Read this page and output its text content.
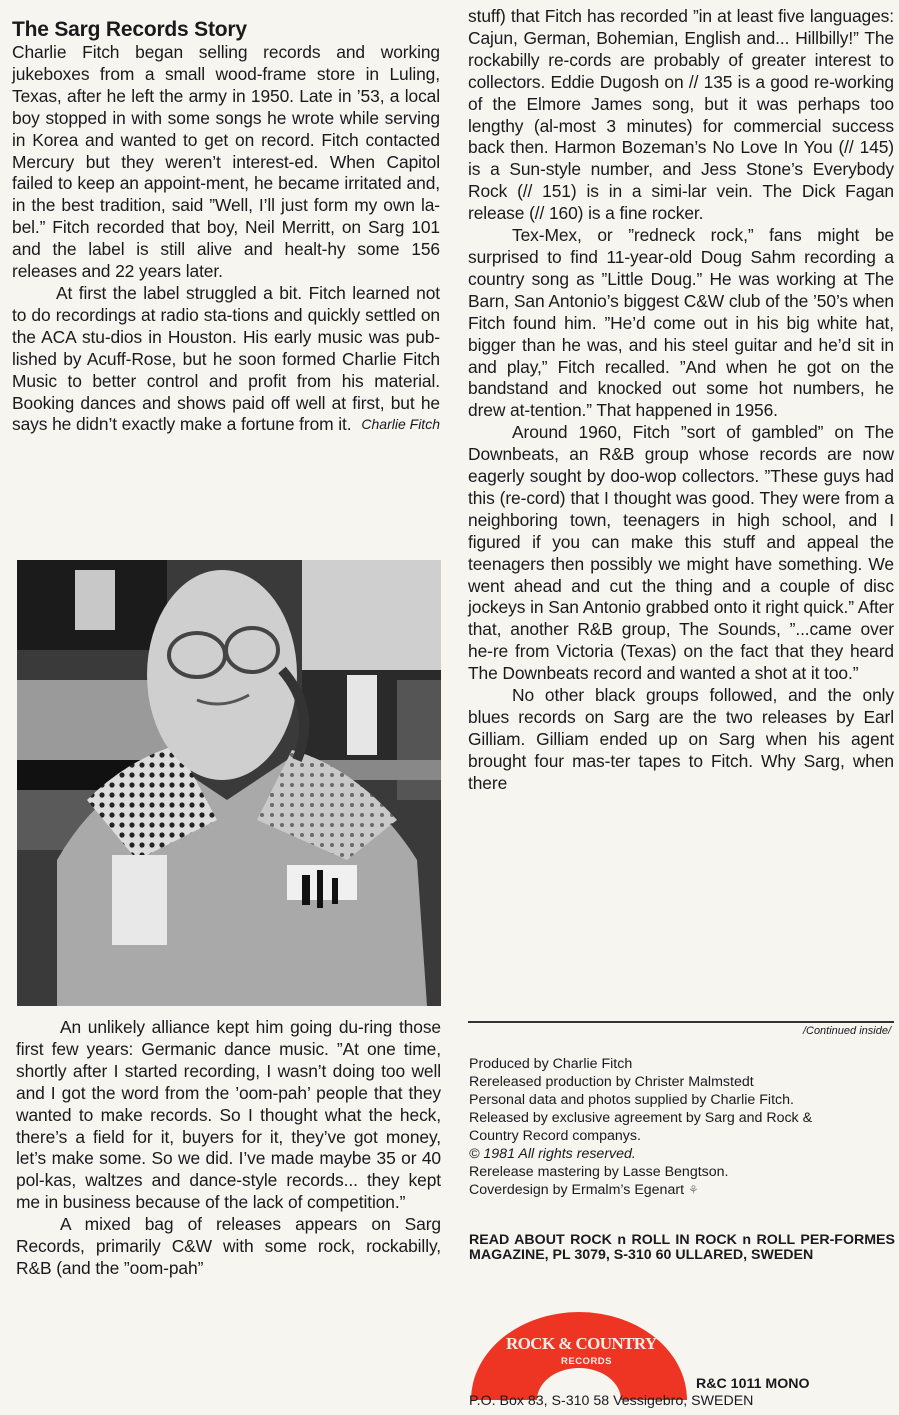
The Sarg Records Story

Charlie Fitch began selling records and working jukeboxes from a small wood-frame store in Luling, Texas, after he left the army in 1950. Late in ’53, a local boy stopped in with some songs he wrote while serving in Korea and wanted to get on record. Fitch contacted Mercury but they weren’t interest-ed. When Capitol failed to keep an appoint-ment, he became irritated and, in the best tradition, said ”Well, I’ll just form my own la-bel.” Fitch recorded that boy, Neil Merritt, on Sarg 101 and the label is still alive and healt-hy some 156 releases and 22 years later.

At first the label struggled a bit. Fitch learned not to do recordings at radio sta-tions and quickly settled on the ACA stu-dios in Houston. His early music was pub-lished by Acuff-Rose, but he soon formed Charlie Fitch Music to better control and profit from his material. Booking dances and shows paid off well at first, but he says he didn’t exactly make a fortune from it. Charlie Fitch

An unlikely alliance kept him going du-ring those first few years: Germanic dance music. ”At one time, shortly after I started recording, I wasn’t doing too well and I got the word from the ’oom-pah’ people that they wanted to make records. So I thought what the heck, there’s a field for it, buyers for it, they’ve got money, let’s make some. So we did. I’ve made maybe 35 or 40 pol-kas, waltzes and dance-style records... they kept me in business because of the lack of competition.”

A mixed bag of releases appears on Sarg Records, primarily C&W with some rock, rockabilly, R&B (and the ”oom-pah”

stuff) that Fitch has recorded ”in at least five languages: Cajun, German, Bohemian, English and... Hillbilly!” The rockabilly re-cords are probably of greater interest to collectors. Eddie Dugosh on // 135 is a good re-working of the Elmore James song, but it was perhaps too lengthy (al-most 3 minutes) for commercial success back then. Harmon Bozeman’s No Love In You (// 145) is a Sun-style number, and Jess Stone’s Everybody Rock (// 151) is in a simi-lar vein. The Dick Fagan release (// 160) is a fine rocker.

Tex-Mex, or ”redneck rock,” fans might be surprised to find 11-year-old Doug Sahm recording a country song as ”Little Doug.” He was working at The Barn, San Antonio’s biggest C&W club of the ’50’s when Fitch found him. ”He’d come out in his big white hat, bigger than he was, and his steel guitar and he’d sit in and play,” Fitch recalled. ”And when he got on the bandstand and knocked out some hot numbers, he drew at-tention.” That happened in 1956.

Around 1960, Fitch ”sort of gambled” on The Downbeats, an R&B group whose records are now eagerly sought by doo-wop collectors. ”These guys had this (re-cord) that I thought was good. They were from a neighboring town, teenagers in high school, and I figured if you can make this stuff and appeal the teenagers then possibly we might have something. We went ahead and cut the thing and a couple of disc jockeys in San Antonio grabbed onto it right quick.” After that, another R&B group, The Sounds, ”...came over he-re from Victoria (Texas) on the fact that they heard The Downbeats record and wanted a shot at it too.”

No other black groups followed, and the only blues records on Sarg are the two releases by Earl Gilliam. Gilliam ended up on Sarg when his agent brought four mas-ter tapes to Fitch. Why Sarg, when there

/Continued inside/
Produced by Charlie Fitch
Rereleased production by Christer Malmstedt
Personal data and photos supplied by Charlie Fitch.
Released by exclusive agreement by Sarg and Rock &
Country Record companys.
© 1981 All rights reserved.
Rerelease mastering by Lasse Bengtson.
Coverdesign by Ermalm’s Egenart ⚘
READ ABOUT ROCK n ROLL IN ROCK n ROLL PER-FORMES MAGAZINE, PL 3079, S-310 60 ULLARED, SWEDEN
ROCK & COUNTRY
RECORDS
R&C 1011 MONO
P.O. Box 83, S-310 58 Vessigebro, SWEDEN
